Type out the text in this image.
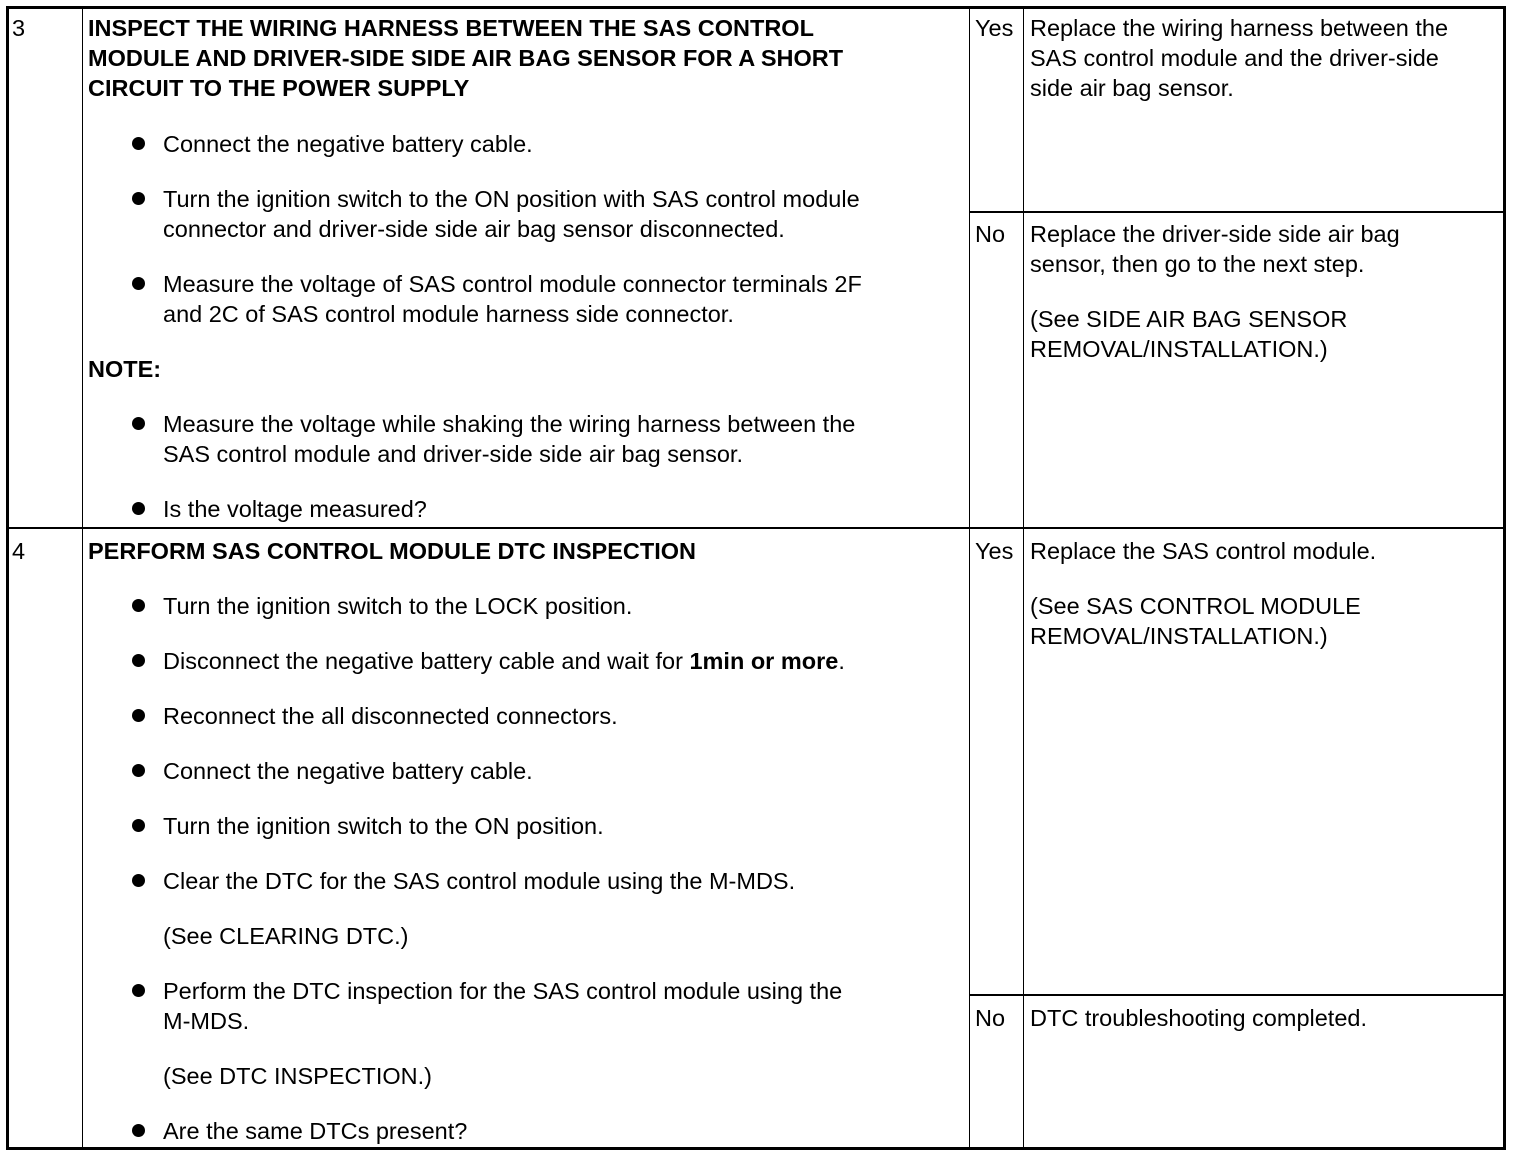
3	INSPECT THE WIRING HARNESS BETWEEN THE SAS CONTROL
MODULE AND DRIVER-SIDE SIDE AIR BAG SENSOR FOR A SHORT
CIRCUIT TO THE POWER SUPPLY
Connect the negative battery cable.
Turn the ignition switch to the ON position with SAS control module
connector and driver-side side air bag sensor disconnected.
Measure the voltage of SAS control module connector terminals 2F
and 2C of SAS control module harness side connector.
NOTE:
Measure the voltage while shaking the wiring harness between the
SAS control module and driver-side side air bag sensor.
Is the voltage measured?
Yes Replace the wiring harness between the
SAS control module and the driver-side
side air bag sensor.
No Replace the driver-side side air bag
sensor, then go to the next step.
(See SIDE AIR BAG SENSOR
REMOVAL/INSTALLATION.)
4	PERFORM SAS CONTROL MODULE DTC INSPECTION
Turn the ignition switch to the LOCK position.
Disconnect the negative battery cable and wait for 1min or more.
Reconnect the all disconnected connectors.
Connect the negative battery cable.
Turn the ignition switch to the ON position.
Clear the DTC for the SAS control module using the M-MDS.
(See CLEARING DTC.)
Perform the DTC inspection for the SAS control module using the
M-MDS.
(See DTC INSPECTION.)
Are the same DTCs present?
Yes Replace the SAS control module.
(See SAS CONTROL MODULE
REMOVAL/INSTALLATION.)
No DTC troubleshooting completed.
